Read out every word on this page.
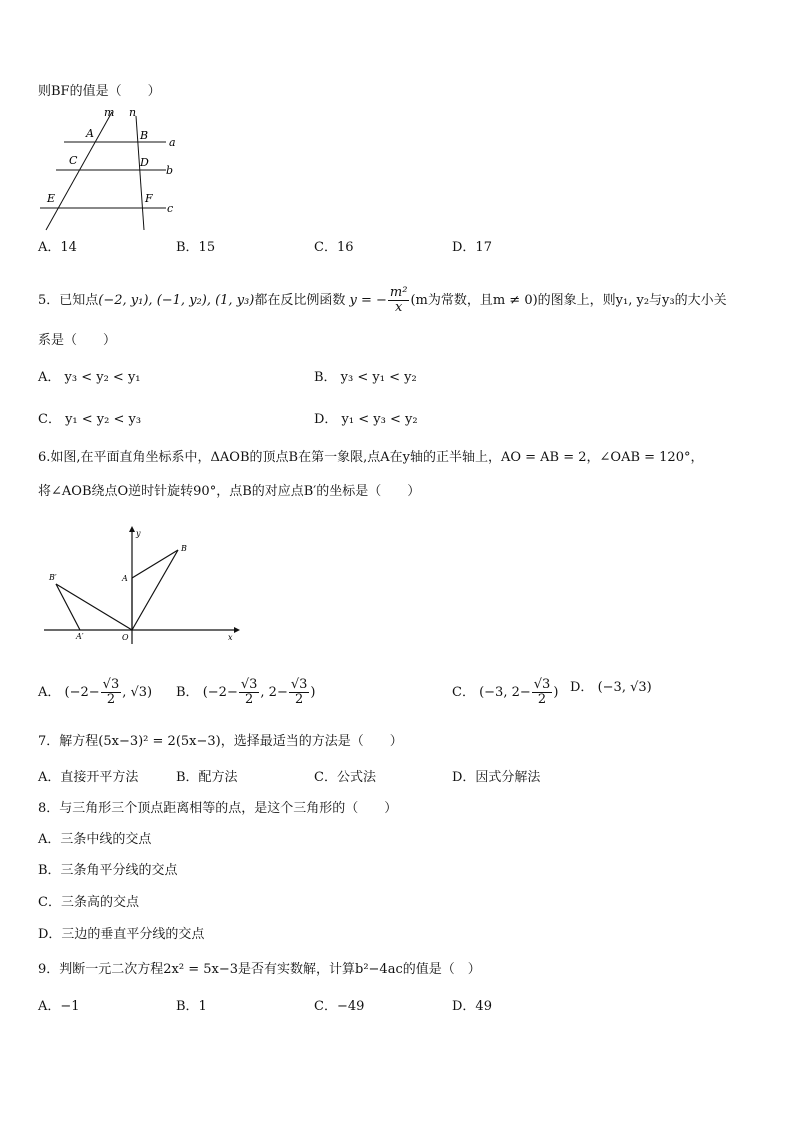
则BF的值是（　　）
m n
A	B
a
C	D
b
E	F
c
A．14	B．15	C．16	D．17
5．已知点(−2, y₁), (−1, y₂), (1, y₃)都在反比例函数 y = − $\frac{\text{m²}}{x} (m$为常数，且m ≠ 0)的图象上，则y₁, y₂与y₃的大小关
系是（　　）
A． y₃ < y₂ < y₁	B． y₃ < y₁ < y₂
C． y₁ < y₂ < y₃	D． y₁ < y₃ < y₂
6.如图,在平面直角坐标系中，ΔAOB的顶点B在第一象限,点A在y轴的正半轴上，AO = AB = 2，∠OAB = 120°，
将∠AOB绕点O逆时针旋转90°，点B的对应点B′的坐标是（　　）
y
x
A
B
B′
A′	O
A． ($-2- \frac{√3}{2}$ , √3) B． ($-2- \frac{√3}{2}$ , $2- \frac{√3}{2}$ )	C． (−3, $2- \frac{√3}{2}$ ) D． (−3, √3)
7．解方程(5x−3)² = 2(5x−3)，选择最适当的方法是（　　）
A．直接开平方法	B．配方法	C．公式法	D．因式分解法
8．与三角形三个顶点距离相等的点，是这个三角形的（　　）
A．三条中线的交点
B．三条角平分线的交点
C．三条高的交点
D．三边的垂直平分线的交点
9．判断一元二次方程2x² = 5x−3是否有实数解，计算b²−4ac的值是（　）
A．−1	B．1	C．−49	D．49
